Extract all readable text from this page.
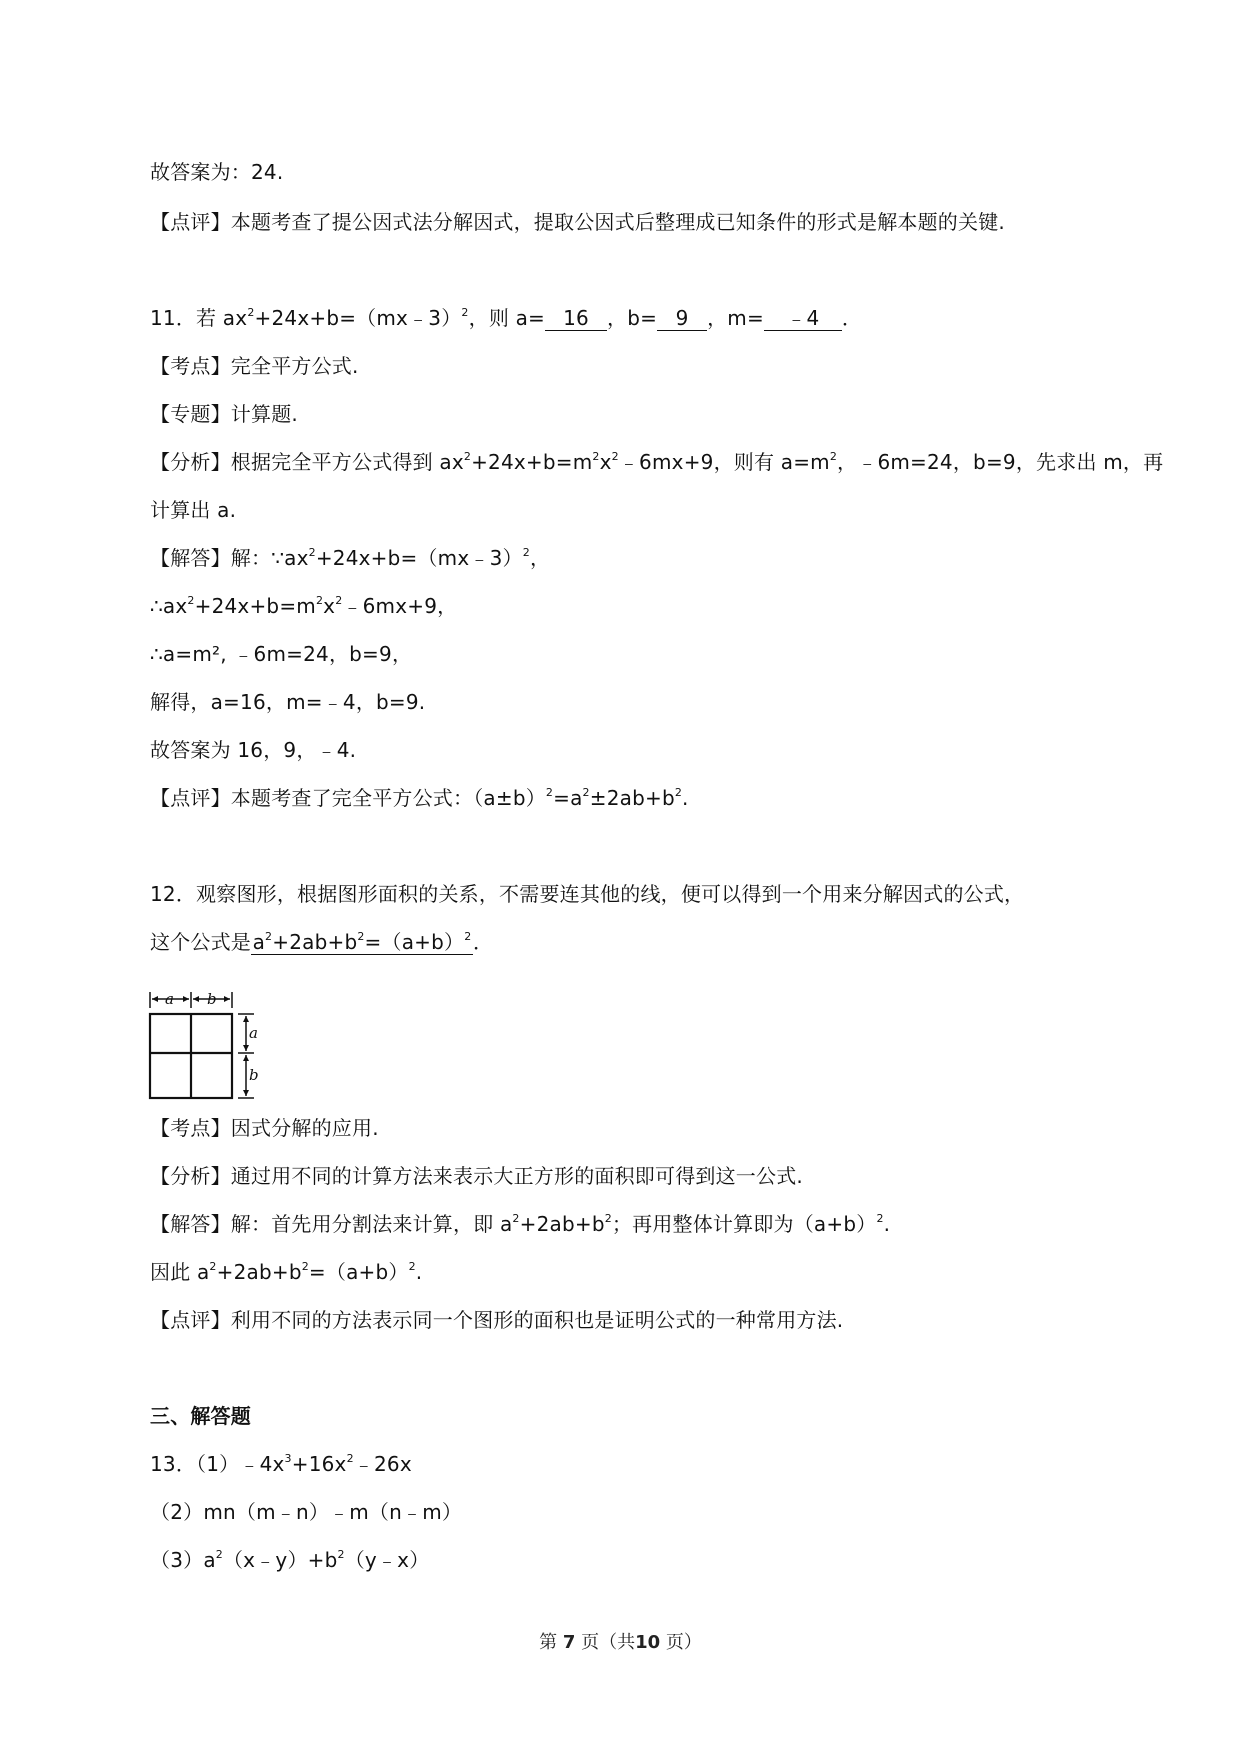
故答案为：24.
【点评】本题考查了提公因式法分解因式，提取公因式后整理成已知条件的形式是解本题的关键.
11．若 $ax^2+24x+b=(mx﹣3)^2$，则 a= 16 ，b= 9 ，m= ﹣4 ．
【考点】完全平方公式.
【专题】计算题.
【分析】根据完全平方公式得到 $ax^2+24x+b=m^2x^2﹣6mx+9$，则有 $a=m^2$，﹣6m=24，b=9，先求出 m，再
计算出 a.
【解答】解：$\because ax^2+24x+b=(mx﹣3)^2$，
$\therefore ax^2+24x+b=m^2x^2﹣6mx+9$，
∴a=m², ﹣6m=24，b=9，
解得，a=16，m=﹣4，b=9.
故答案为 16，9，﹣4.
【点评】本题考查了完全平方公式：$(a\pm b)^2=a^2\pm 2ab+b^2$.
12．观察图形，根据图形面积的关系，不需要连其他的线，便可以得到一个用来分解因式的公式，
这个公式是$a^2+2ab+b^2=(a+b)^2$．
a b
a
b
【考点】因式分解的应用.
【分析】通过用不同的计算方法来表示大正方形的面积即可得到这一公式.
【解答】解：首先用分割法来计算，即 $a^2+2ab+b^2$；再用整体计算即为$(a+b)^2$.
因此 $a^2+2ab+b^2=(a+b)^2$.
【点评】利用不同的方法表示同一个图形的面积也是证明公式的一种常用方法.
三、解答题
13．$(1)﹣4x^3+16x^2﹣26x$
（2）mn（m﹣n）﹣m（n﹣m）
$(3)a^2(x﹣y)+b^2(y﹣x)$
第 7 页（共10 页）
